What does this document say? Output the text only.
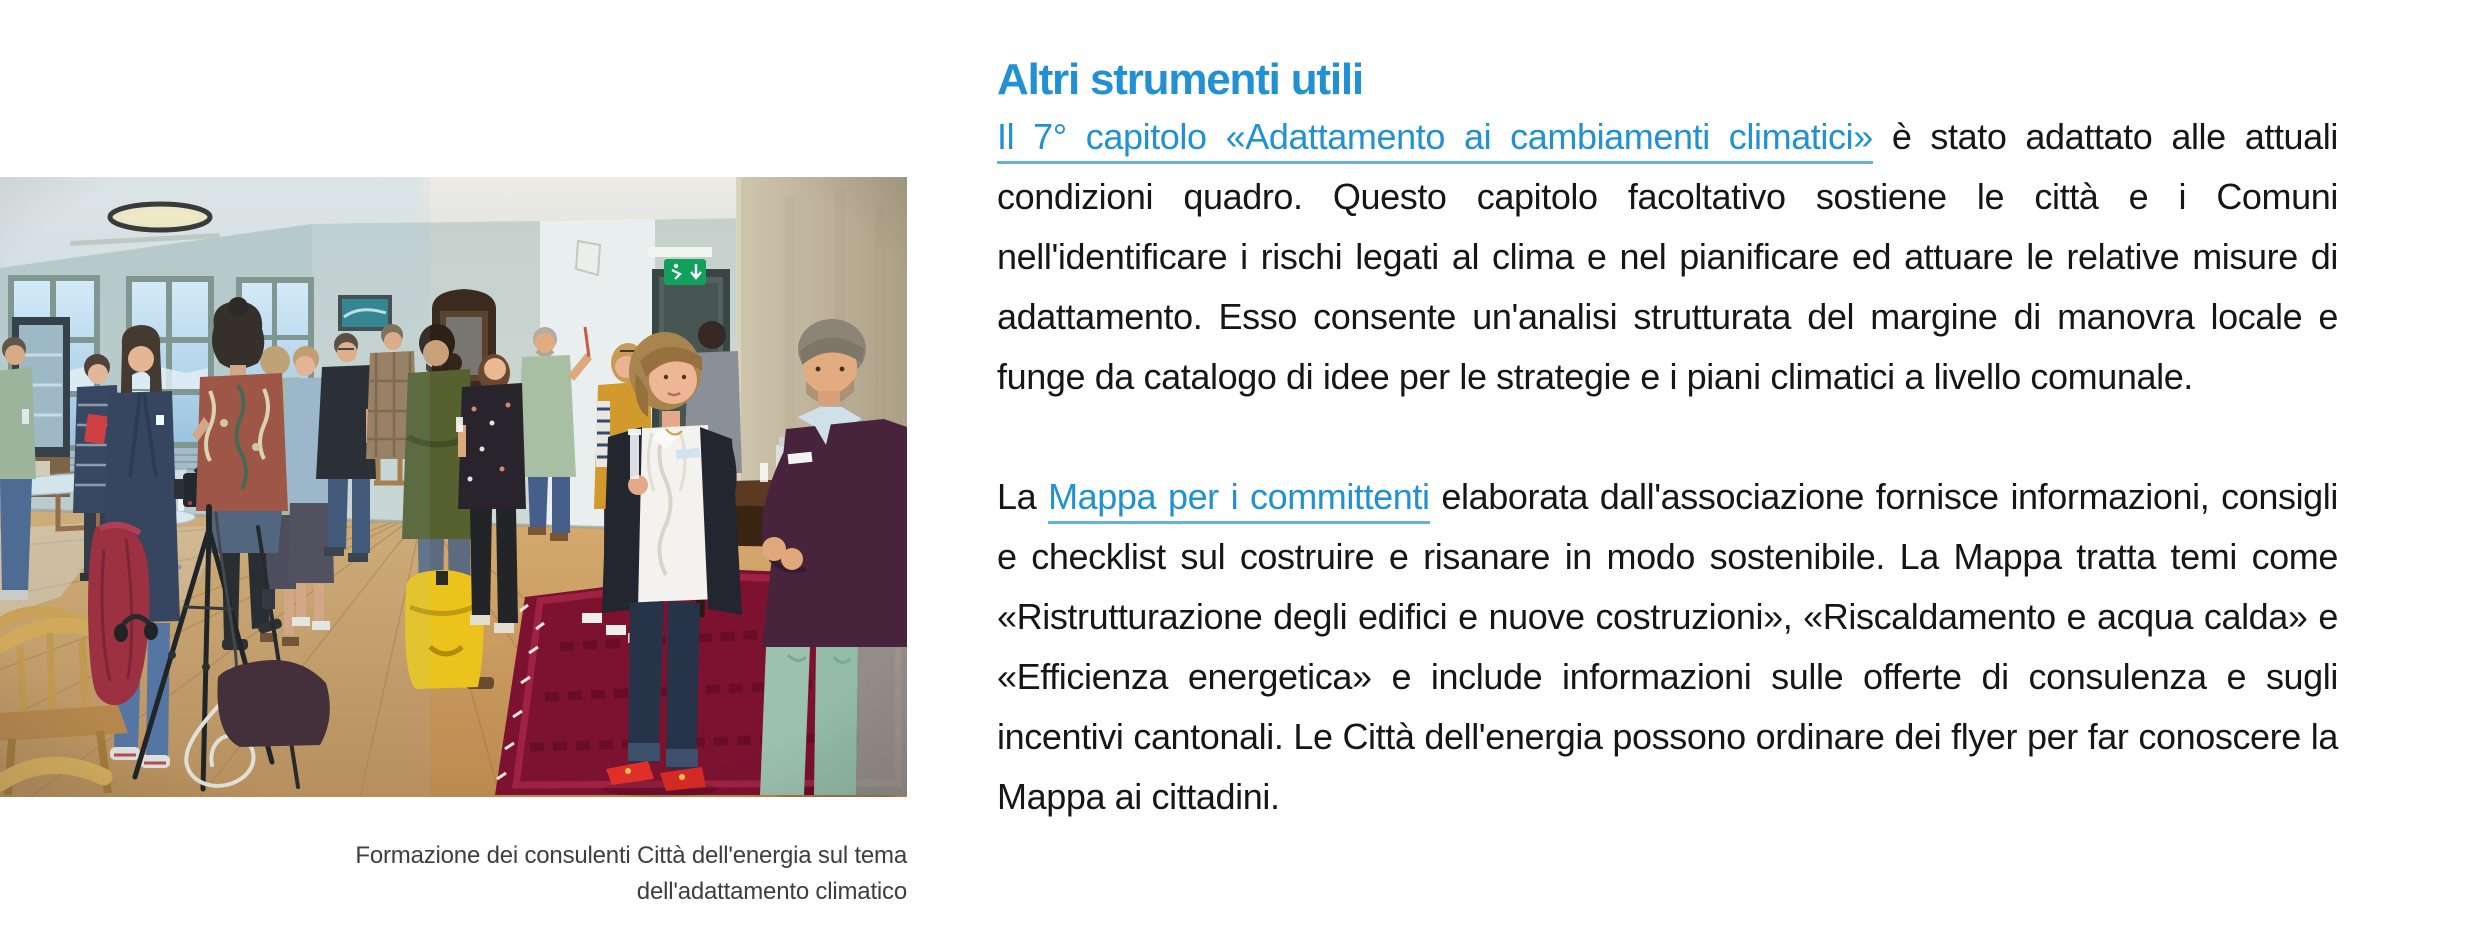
Formazione dei consulenti Città dell'energia sul tema
dell'adattamento climatico
Altri strumenti utili

Il 7° capitolo «Adattamento ai cambiamenti climatici» è stato adattato alle attuali condizioni quadro. Questo capitolo facoltativo sostiene le città e i Comuni nell'identificare i rischi legati al clima e nel pianificare ed attuare le relative misure di adattamento. Esso consente un'analisi strutturata del margine di manovra locale e funge da catalogo di idee per le strategie e i piani climatici a livello comunale.

La Mappa per i committenti elaborata dall'associazione fornisce informazioni, consigli e checklist sul costruire e risanare in modo sostenibile. La Mappa tratta temi come «Ristrutturazione degli edifici e nuove costruzioni», «Riscaldamento e acqua calda» e «Efficienza energetica» e include informazioni sulle offerte di consulenza e sugli incentivi cantonali. Le Città dell'energia possono ordinare dei flyer per far conoscere la Mappa ai cittadini.
